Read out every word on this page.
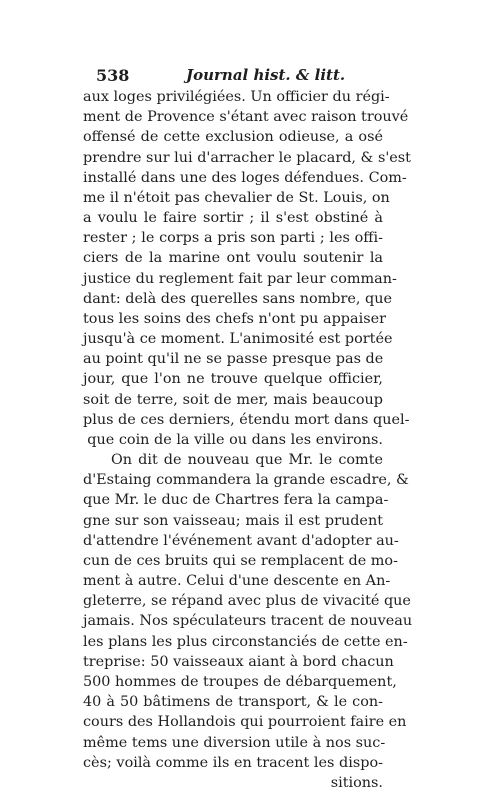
538	Journal hist. & litt.
aux loges privilégiées. Un officier du régi-
ment de Provence s'étant avec raison trouvé
offensé de cette exclusion odieuse, a osé
prendre sur lui d'arracher le placard, & s'est
installé dans une des loges défendues. Com-
me il n'étoit pas chevalier de St. Louis, on
a voulu le faire sortir ; il s'est obstiné à
rester ; le corps a pris son parti ; les offi-
ciers de la marine ont voulu soutenir la
justice du reglement fait par leur comman-
dant: delà des querelles sans nombre, que
tous les soins des chefs n'ont pu appaiser
jusqu'à ce moment. L'animosité est portée
au point qu'il ne se passe presque pas de
jour, que l'on ne trouve quelque officier,
soit de terre, soit de mer, mais beaucoup
plus de ces derniers, étendu mort dans quel-
que coin de la ville ou dans les environs.
On dit de nouveau que Mr. le comte
d'Estaing commandera la grande escadre, &
que Mr. le duc de Chartres fera la campa-
gne sur son vaisseau; mais il est prudent
d'attendre l'événement avant d'adopter au-
cun de ces bruits qui se remplacent de mo-
ment à autre. Celui d'une descente en An-
gleterre, se répand avec plus de vivacité que
jamais. Nos spéculateurs tracent de nouveau
les plans les plus circonstanciés de cette en-
treprise: 50 vaisseaux aiant à bord chacun
500 hommes de troupes de débarquement,
40 à 50 bâtimens de transport, & le con-
cours des Hollandois qui pourroient faire en
même tems une diversion utile à nos suc-
cès; voilà comme ils en tracent les dispo-
sitions.
